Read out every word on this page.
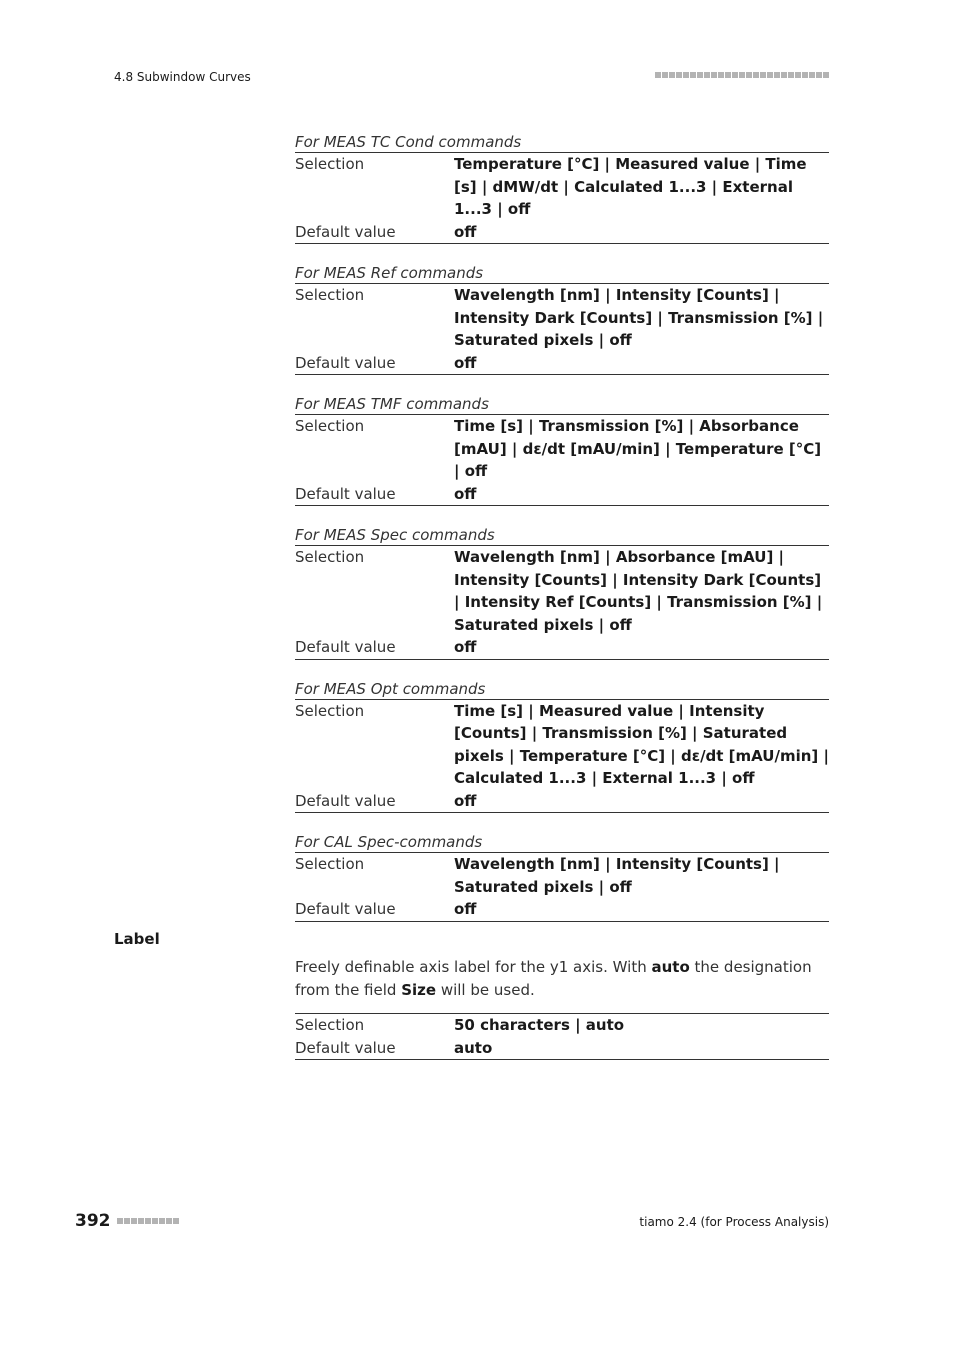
4.8 Subwindow Curves
For MEAS TC Cond commands
Selection	Temperature [°C] | Measured value | Time [s] | dMW/dt | Calculated 1...3 | External 1...3 | off
Default value	off
For MEAS Ref commands
Selection	Wavelength [nm] | Intensity [Counts] | Intensity Dark [Counts] | Transmission [%] | Saturated pixels | off
Default value	off
For MEAS TMF commands
Selection	Time [s] | Transmission [%] | Absorbance [mAU] | dε/dt [mAU/min] | Temperature [°C] | off
Default value	off
For MEAS Spec commands
Selection	Wavelength [nm] | Absorbance [mAU] | Intensity [Counts] | Intensity Dark [Counts] | Intensity Ref [Counts] | Transmission [%] | Saturated pixels | off
Default value	off
For MEAS Opt commands
Selection	Time [s] | Measured value | Intensity [Counts] | Transmission [%] | Saturated pixels | Temperature [°C] | dε/dt [mAU/min] | Calculated 1...3 | External 1...3 | off
Default value	off
For CAL Spec-commands
Selection	Wavelength [nm] | Intensity [Counts] | Saturated pixels | off
Default value	off
Label
Freely definable axis label for the y1 axis. With auto the designation from the field Size will be used.
Selection	50 characters | auto
Default value	auto
392	tiamo 2.4 (for Process Analysis)
